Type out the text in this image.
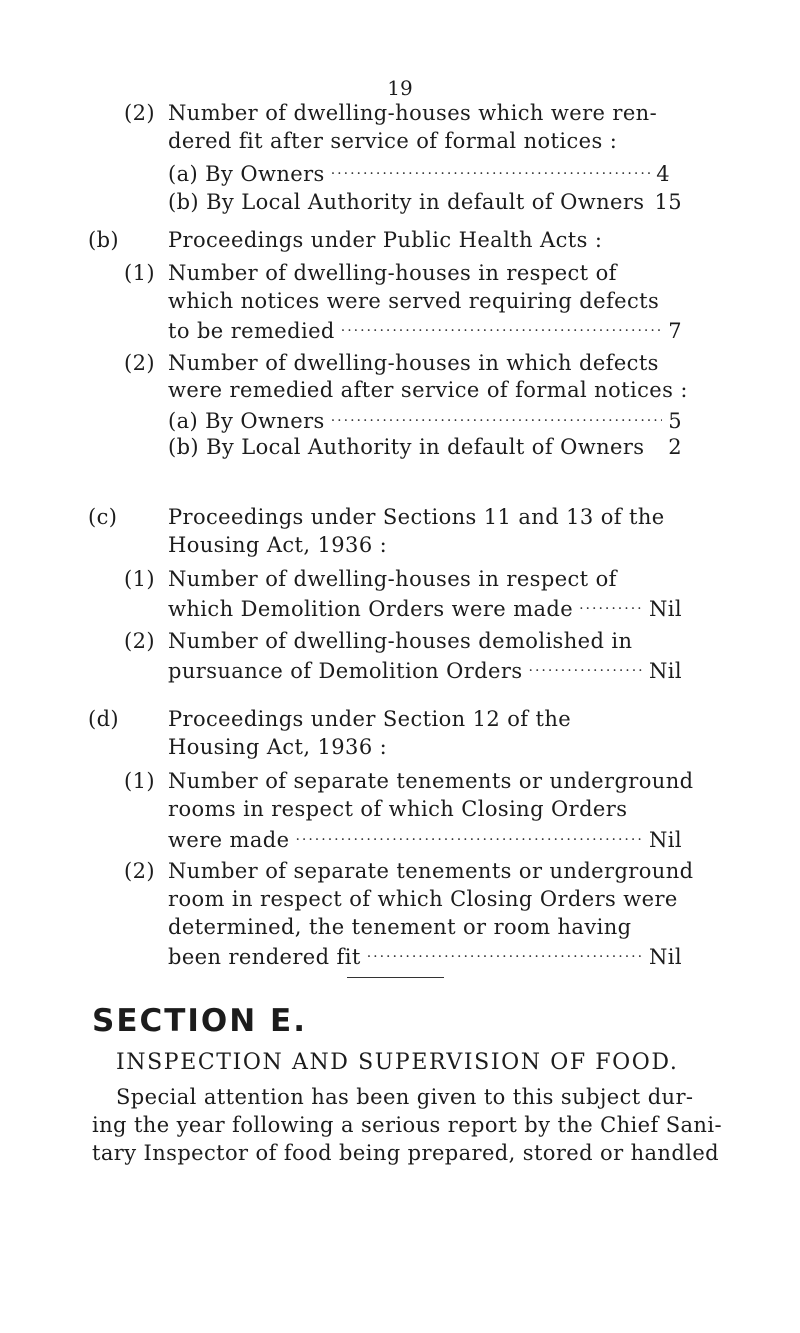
19
(2) Number of dwelling-houses which were ren-
dered fit after service of formal notices :
(a) By Owners .....	4
(b) By Local Authority in default of Owners 15
(b) Proceedings under Public Health Acts :
(1) Number of dwelling-houses in respect of
which notices were served requiring defects
to be remedied .....	7
(2) Number of dwelling-houses in which defects
were remedied after service of formal notices :
(a) By Owners .....	5
(b) By Local Authority in default of Owners 2
(c) Proceedings under Sections 11 and 13 of the
Housing Act, 1936 :
(1) Number of dwelling-houses in respect of
which Demolition Orders were made .....	Nil
(2) Number of dwelling-houses demolished in
pursuance of Demolition Orders .....	Nil
(d) Proceedings under Section 12 of the
Housing Act, 1936 :
(1) Number of separate tenements or underground
rooms in respect of which Closing Orders
were made .....	Nil
(2) Number of separate tenements or underground
room in respect of which Closing Orders were
determined, the tenement or room having
been rendered fit .....	Nil
SECTION E.
INSPECTION AND SUPERVISION OF FOOD.
Special attention has been given to this subject dur-
ing the year following a serious report by the Chief Sani-
tary Inspector of food being prepared, stored or handled
